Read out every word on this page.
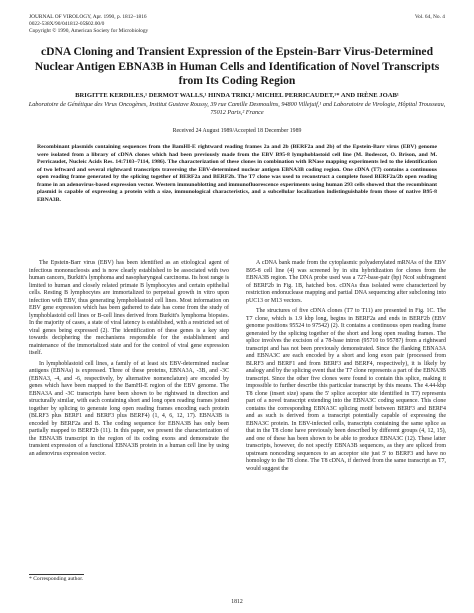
JOURNAL OF VIROLOGY, Apr. 1990, p. 1812–1816
0022-538X/90/041812-05$02.00/0
Copyright © 1990, American Society for Microbiology
Vol. 64, No. 4
cDNA Cloning and Transient Expression of the Epstein-Barr Virus-Determined Nuclear Antigen EBNA3B in Human Cells and Identification of Novel Transcripts from Its Coding Region
BRIGITTE KERDILES,¹ DERMOT WALLS,¹ HINDA TRIKI,² MICHEL PERRICAUDET,¹* AND IRÈNE JOAB¹
Laboratoire de Génétique des Virus Oncogènes, Institut Gustave Roussy, 39 rue Camille Desmoulins, 94800 Villejuif,¹ and Laboratoire de Virologie, Hôpital Trousseau, 75012 Paris,² France
Received 24 August 1989/Accepted 18 December 1989
Recombinant plasmids containing sequences from the BamHI-E rightward reading frames 2a and 2b (BERF2a and 2b) of the Epstein-Barr virus (EBV) genome were isolated from a library of cDNA clones which had been previously made from the EBV B95-8 lymphoblastoid cell line (M. Bodescot, O. Brison, and M. Perricaudet, Nucleic Acids Res. 14:7103–7114, 1986). The characterization of these clones in combination with RNase mapping experiments led to the identification of two leftward and several rightward transcripts traversing the EBV-determined nuclear antigen EBNA3B coding region. One cDNA (T7) contains a continuous open reading frame generated by the splicing together of BERF2a and BERF2b. The T7 clone was used to reconstruct a complete fused BERF2a/2b open reading frame in an adenovirus-based expression vector. Western immunoblotting and immunofluorescence experiments using human 293 cells showed that the recombinant plasmid is capable of expressing a protein with a size, immunological characteristics, and a subcellular localization indistinguishable from those of native B95-8 EBNA3B.

The Epstein-Barr virus (EBV) has been identified as an etiological agent of infectious mononucleosis and is now clearly established to be associated with two human cancers, Burkitt's lymphoma and nasopharyngeal carcinoma. Its host range is limited to human and closely related primate B lymphocytes and certain epithelial cells. Resting B lymphocytes are immortalized to perpetual growth in vitro upon infection with EBV, thus generating lymphoblastoid cell lines. Most information on EBV gene expression which has been gathered to date has come from the study of lymphoblastoid cell lines or B-cell lines derived from Burkitt's lymphoma biopsies. In the majority of cases, a state of viral latency is established, with a restricted set of viral genes being expressed (2). The identification of these genes is a key step towards deciphering the mechanisms responsible for the establishment and maintenance of the immortalized state and for the control of viral gene expression itself.

In lymphoblastoid cell lines, a family of at least six EBV-determined nuclear antigens (EBNAs) is expressed. Three of these proteins, EBNA3A, -3B, and -3C (EBNA3, -4, and -6, respectively, by alternative nomenclature) are encoded by genes which have been mapped to the BamHI-E region of the EBV genome. The EBNA3A and -3C transcripts have been shown to be rightward in direction and structurally similar, with each containing short and long open reading frames joined together by splicing to generate long open reading frames encoding each protein (BLRF3 plus BERF1 and BERF3 plus BERF4) (1, 4, 6, 12, 17). EBNA3B is encoded by BERF2a and B. The coding sequence for EBNA3B has only been partially mapped to BERF2b (11). In this paper, we present the characterization of the EBNA3B transcript in the region of its coding exons and demonstrate the transient expression of a functional EBNA3B protein in a human cell line by using an adenovirus expression vector.

A cDNA bank made from the cytoplasmic polyadenylated mRNAs of the EBV B95-8 cell line (4) was screened by in situ hybridization for clones from the EBNA3B region. The DNA probe used was a 727-base-pair (bp) NcoI subfragment of BERF2b in Fig. 1B, hatched box. cDNAs thus isolated were characterized by restriction endonuclease mapping and partial DNA sequencing after subcloning into pUC13 or M13 vectors.

The structures of five cDNA clones (T7 to T11) are presented in Fig. 1C. The T7 clone, which is 1.9 kbp long, begins in BERF2a and ends in BERF2b (EBV genome positions 95524 to 97542) (2). It contains a continuous open reading frame generated by the splicing together of the short and long open reading frames. The splice involves the excision of a 78-base intron (95710 to 95787) from a rightward transcript and has not been previously demonstrated. Since the flanking EBNA3A and EBNA3C are each encoded by a short and long exon pair (processed from BLRF3 and BERF1 and from BERF3 and BERF4, respectively), it is likely by analogy and by the splicing event that the T7 clone represents a part of the EBNA3B transcript. Since the other five clones were found to contain this splice, making it impossible to further describe this particular transcript by this means. The 4.44-kbp T8 clone (insert size) spans the 5' splice acceptor site identified in T7) represents part of a novel transcript extending into the EBNA3C coding sequence. This clone contains the corresponding EBNA3C splicing motif between BERF3 and BERF4 and as such is derived from a transcript potentially capable of expressing the EBNA3C protein. In EBV-infected cells, transcripts containing the same splice as that in the T8 clone have previously been described by different groups (4, 12, 15), and one of these has been shown to be able to produce EBNA3C (12). These latter transcripts, however, do not specify EBNA3B sequences, as they are spliced from upstream noncoding sequences to an acceptor site just 5' to BERF3 and have no homology to the T8 clone. The T8 cDNA, if derived from the same transcript as T7, would suggest the

* Corresponding author.
1812
